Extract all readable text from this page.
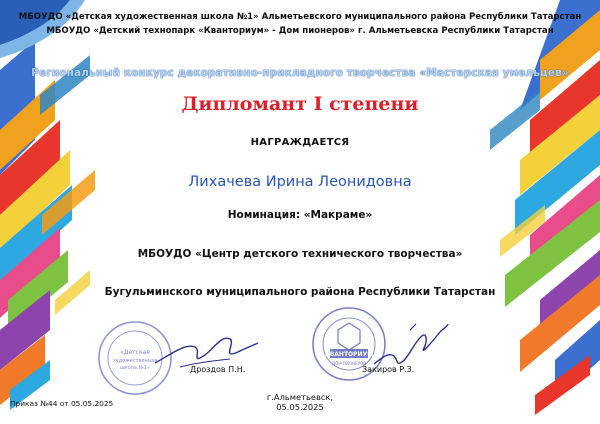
МБОУДО «Детская художественная школа №1» Альметьевского муниципального района Республики Татарстан
МБОУДО «Детский технопарк «Кванториум» - Дом пионеров» г. Альметьевска Республики Татарстан
Региональный конкурс декоративно-прикладного творчества «Мастерская умельцев»
Дипломант I степени
НАГРАЖДАЕТСЯ
Лихачева Ирина Леонидовна
Номинация: «Макраме»
МБОУДО «Центр детского технического творчества»
Бугульминского муниципального района Республики Татарстан
«Детская
художественная
школа №1»
КВАНТОРИУМ
ДОМ ПИОНЕРОВ
Дроздов П.Н.	Закиров Р.З.
г.Альметьевск,
05.05.2025
Приказ №44 от 05.05.2025
